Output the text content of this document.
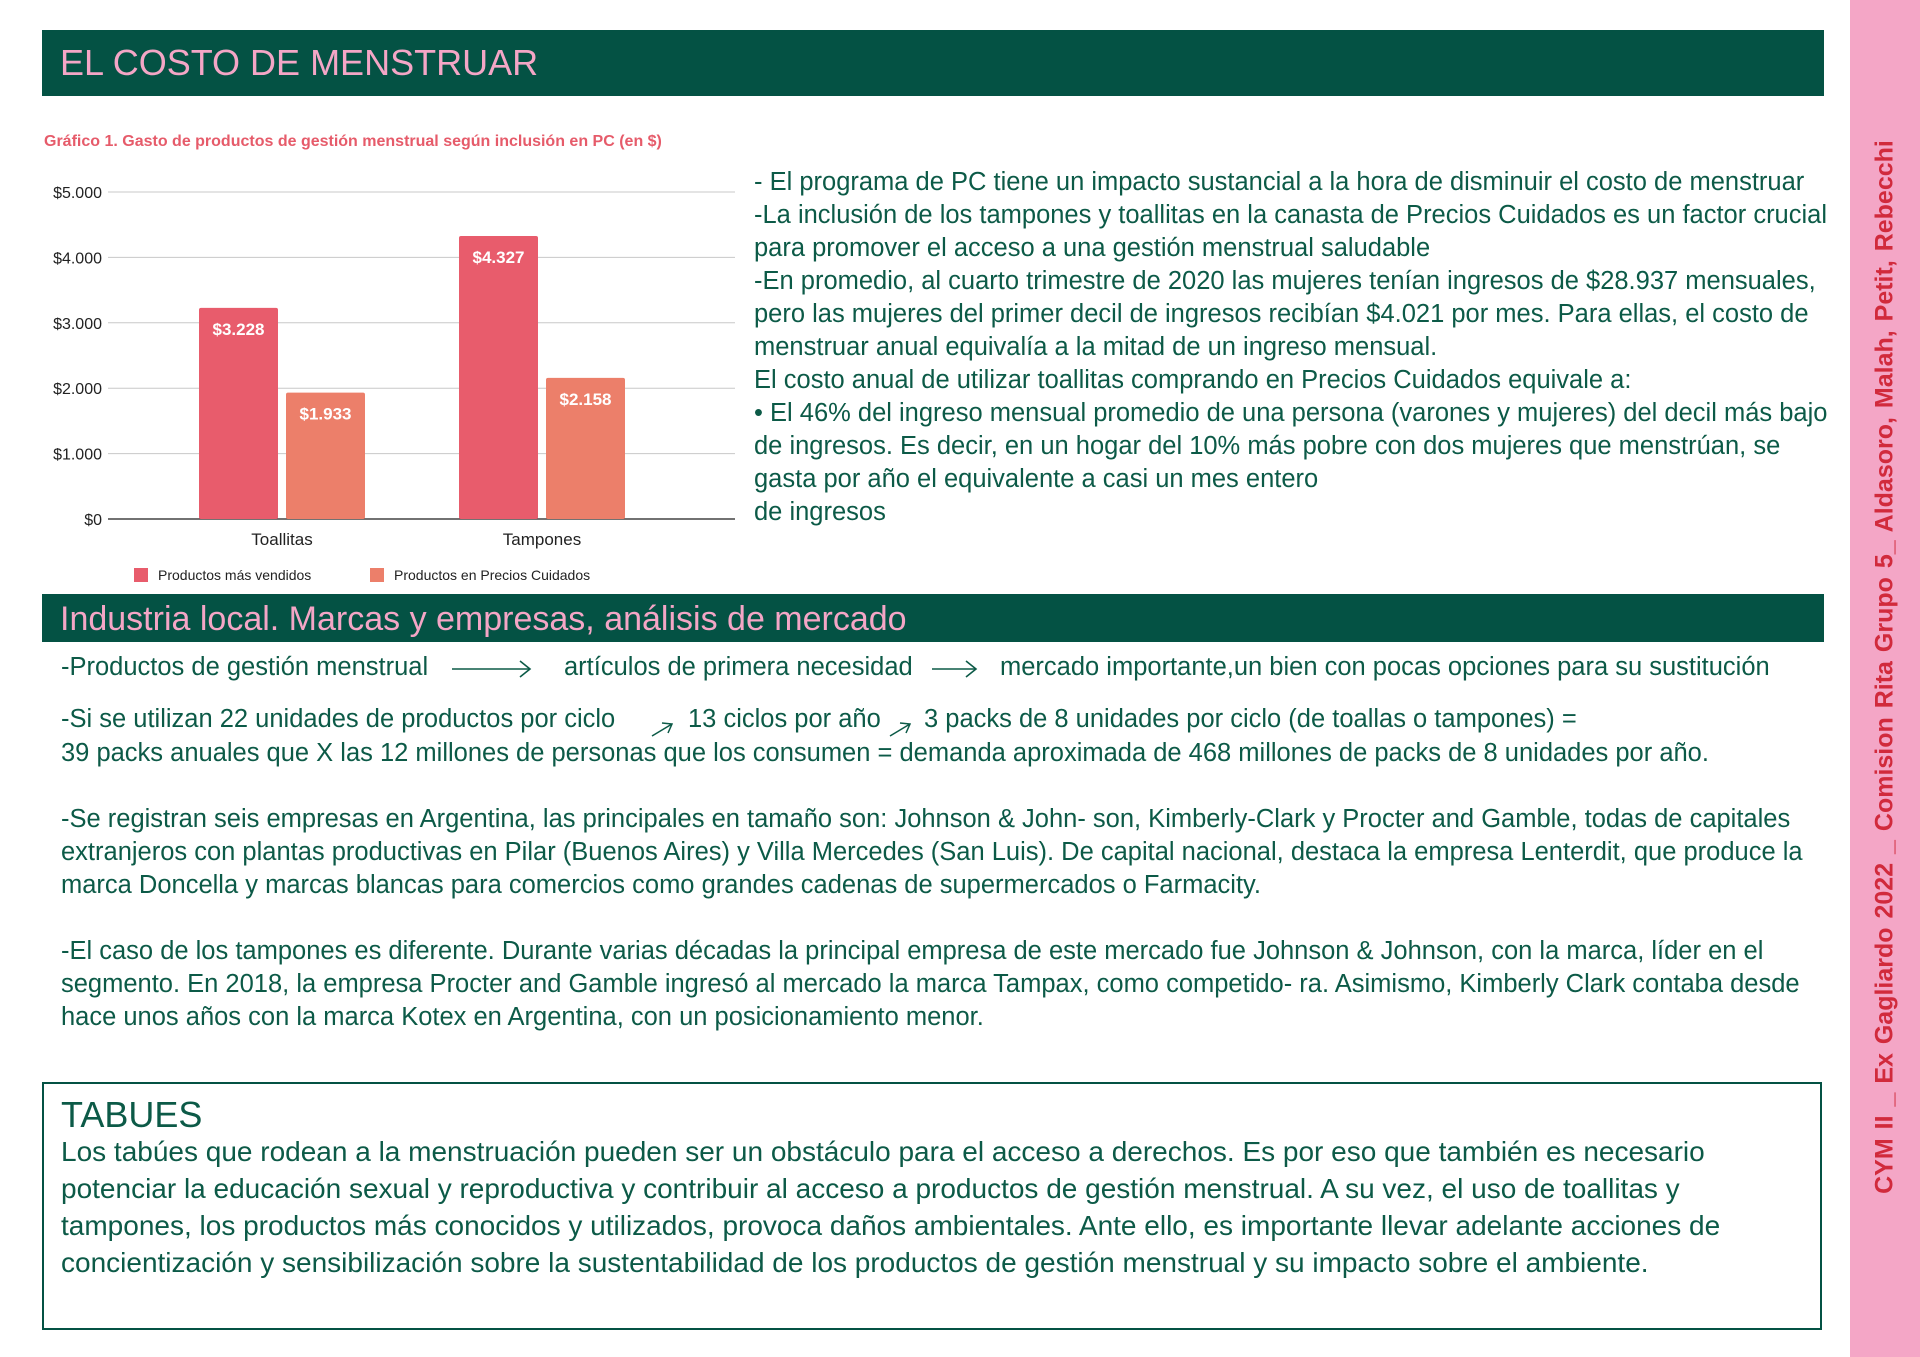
EL COSTO DE MENSTRUAR
CYM II _ Ex Gagliardo 2022 _ Comision Rita Grupo 5_ Aldasoro, Malah, Petit, Rebecchi
Gráfico 1. Gasto de productos de gestión menstrual según inclusión en PC (en $)
$0
$1.000
$2.000
$3.000
$4.000
$5.000
$3.228
$1.933
Toallitas
$4.327
$2.158
Tampones
Productos más vendidos	Productos en Precios Cuidados

- El programa de PC tiene un impacto sustancial a la hora de disminuir el costo de menstruar

-La inclusión de los tampones y toallitas en la canasta de Precios Cuidados es un factor crucial para promover el acceso a una gestión menstrual saludable

-En promedio, al cuarto trimestre de 2020 las mujeres tenían ingresos de $28.937 mensuales, pero las mujeres del primer decil de ingresos recibían $4.021 por mes. Para ellas, el costo de menstruar anual equivalía a la mitad de un ingreso mensual.

El costo anual de utilizar toallitas comprando en Precios Cuidados equivale a:

• El 46% del ingreso mensual promedio de una persona (varones y mujeres) del decil más bajo de ingresos. Es decir, en un hogar del 10% más pobre con dos mujeres que menstrúan, se gasta por año el equivalente a casi un mes entero

de ingresos

Industria local. Marcas y empresas, análisis de mercado
-Productos de gestión menstrual	artículos de primera necesidad	mercado importante,un bien con pocas opciones para su sustitución
-Si se utilizan 22 unidades de productos por ciclo	13 ciclos por año 3 packs de 8 unidades por ciclo (de toallas o tampones) =

39 packs anuales que X las 12 millones de personas que los consumen = demanda aproximada de 468 millones de packs de 8 unidades por año.

-Se registran seis empresas en Argentina, las principales en tamaño son: Johnson & John- son, Kimberly-Clark y Procter and Gamble, todas de capitales extranjeros con plantas productivas en Pilar (Buenos Aires) y Villa Mercedes (San Luis). De capital nacional, destaca la empresa Lenterdit, que produce la marca Doncella y marcas blancas para comercios como grandes cadenas de supermercados o Farmacity.

-El caso de los tampones es diferente. Durante varias décadas la principal empresa de este mercado fue Johnson & Johnson, con la marca, líder en el segmento. En 2018, la empresa Procter and Gamble ingresó al mercado la marca Tampax, como competido- ra. Asimismo, Kimberly Clark contaba desde hace unos años con la marca Kotex en Argentina, con un posicionamiento menor.

TABUES
Los tabúes que rodean a la menstruación pueden ser un obstáculo para el acceso a derechos. Es por eso que también es necesario potenciar la educación sexual y reproductiva y contribuir al acceso a productos de gestión menstrual. A su vez, el uso de toallitas y tampones, los productos más conocidos y utilizados, provoca daños ambientales. Ante ello, es importante llevar adelante acciones de concientización y sensibilización sobre la sustentabilidad de los productos de gestión menstrual y su impacto sobre el ambiente.
